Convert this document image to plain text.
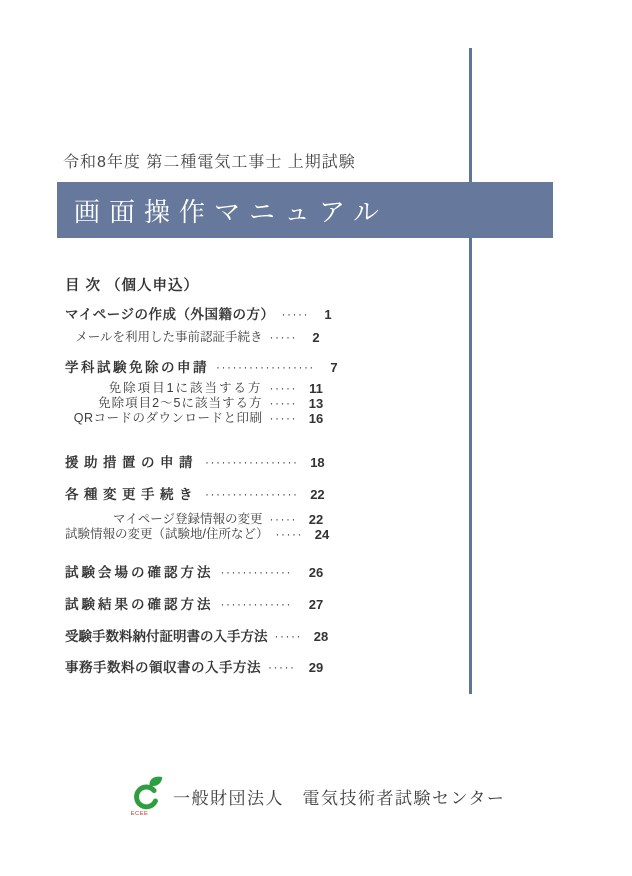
令和8年度 第二種電気工事士 上期試験
画面操作マニュアル
目 次 （個人申込）
マイページの作成（外国籍の方） ·····	1
メールを利用した事前認証手続き ·····	2
学科試験免除の申請 ··················	7
免除項目1に該当する方 ····· 11
免除項目2～5に該当する方 ····· 13
QRコードのダウンロードと印刷 ····· 16
援助措置の申請 ················· 18
各種変更手続き ················· 22
マイページ登録情報の変更 ····· 22
試験情報の変更（試験地/住所など） ····· 24
試験会場の確認方法 ·············	26
試験結果の確認方法 ·············	27
受験手数料納付証明書の入手方法 ····· 28
事務手数料の領収書の入手方法 ·····	29
ECEE
一般財団法人　電気技術者試験センター
